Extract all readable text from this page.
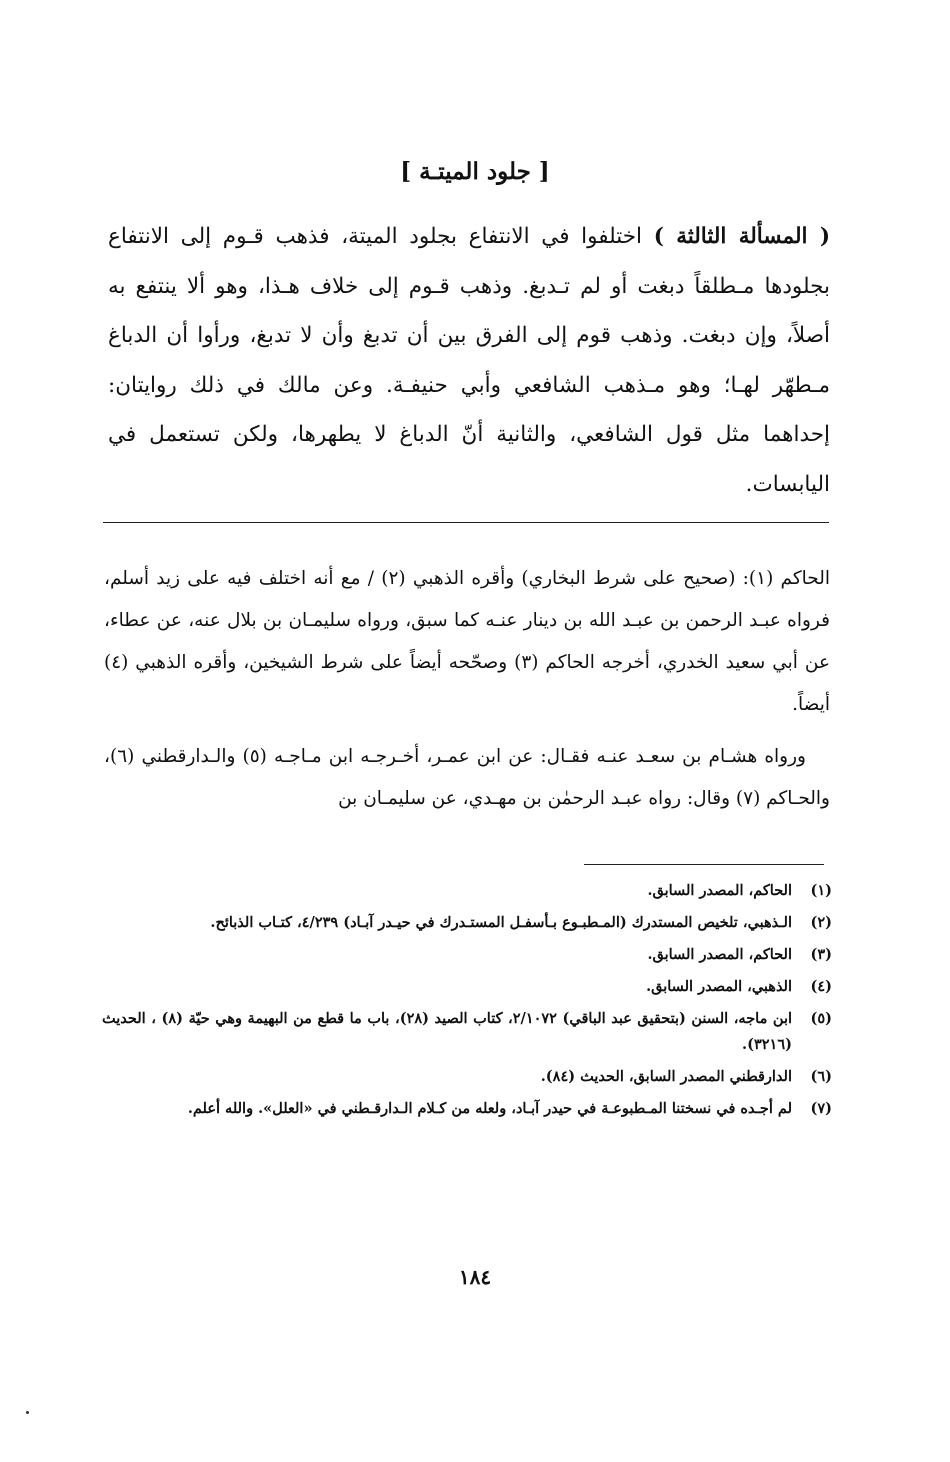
[ جلود الميتـة ]

( المسألة الثالثة ) اختلفوا في الانتفاع بجلود الميتة، فذهب قـوم إلى الانتفاع بجلودها مـطلقاً دبغت أو لم تـدبغ. وذهب قـوم إلى خلاف هـذا، وهو ألا ينتفع به أصلاً، وإن دبغت. وذهب قوم إلى الفرق بين أن تدبغ وأن لا تدبغ، ورأوا أن الدباغ مـطهّر لهـا؛ وهو مـذهب الشافعي وأبي حنيفـة. وعن مالك في ذلك روايتان: إحداهما مثل قول الشافعي، والثانية أنّ الدباغ لا يطهرها، ولكن تستعمل في اليابسات.

الحاكم (١): (صحيح على شرط البخاري) وأقره الذهبي (٢) / مع أنه اختلف فيه على زيد أسلم، فرواه عبـد الرحمن بن عبـد الله بن دينار عنـه كما سبق، ورواه سليمـان بن بلال عنه، عن عطاء، عن أبي سعيد الخدري، أخرجه الحاكم (٣) وصحّحه أيضاً على شرط الشيخين، وأقره الذهبي (٤) أيضاً.

ورواه هشـام بن سعـد عنـه فقـال: عن ابن عمـر، أخـرجـه ابن مـاجـه (٥) والـدارقطني (٦)، والحـاكم (٧) وقال: رواه عبـد الرحمٰن بن مهـدي، عن سليمـان بن

(١)
الحاكم، المصدر السابق.
(٢)
الـذهبي، تلخيص المستدرك (المـطبـوع بـأسفـل المستـدرك في حيـدر آبـاد) ٤/٢٣٩، كتـاب الذبائح.
(٣)
الحاكم، المصدر السابق.
(٤)
الذهبي، المصدر السابق.
(٥)
ابن ماجه، السنن (بتحقيق عبد الباقي) ٢/١٠٧٢، كتاب الصيد (٢٨)، باب ما قطع من البهيمة وهي حيّة (٨) ، الحديث (٣٢١٦).
(٦)
الدارقطني المصدر السابق، الحديث (٨٤).
(٧)
لم أجـده في نسختنا المـطبوعـة في حيدر آبـاد، ولعله من كـلام الـدارقـطني في «العلل». والله أعلم.
١٨٤
